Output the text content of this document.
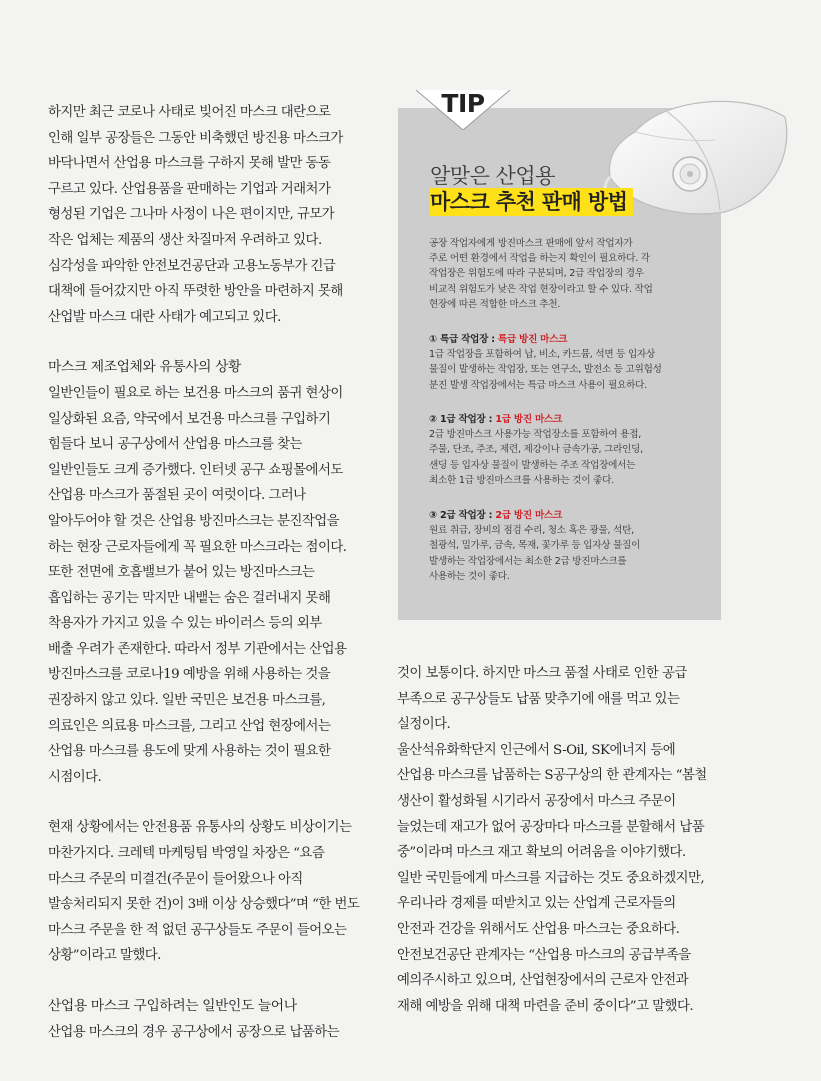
하지만 최근 코로나 사태로 빚어진 마스크 대란으로

인해 일부 공장들은 그동안 비축했던 방진용 마스크가

바닥나면서 산업용 마스크를 구하지 못해 발만 동동

구르고 있다. 산업용품을 판매하는 기업과 거래처가

형성된 기업은 그나마 사정이 나은 편이지만, 규모가

작은 업체는 제품의 생산 차질마저 우려하고 있다.

심각성을 파악한 안전보건공단과 고용노동부가 긴급

대책에 들어갔지만 아직 뚜렷한 방안을 마련하지 못해

산업발 마스크 대란 사태가 예고되고 있다.

마스크 제조업체와 유통사의 상황

일반인들이 필요로 하는 보건용 마스크의 품귀 현상이

일상화된 요즘, 약국에서 보건용 마스크를 구입하기

힘들다 보니 공구상에서 산업용 마스크를 찾는

일반인들도 크게 증가했다. 인터넷 공구 쇼핑몰에서도

산업용 마스크가 품절된 곳이 여럿이다. 그러나

알아두어야 할 것은 산업용 방진마스크는 분진작업을

하는 현장 근로자들에게 꼭 필요한 마스크라는 점이다.

또한 전면에 호흡밸브가 붙어 있는 방진마스크는

흡입하는 공기는 막지만 내뱉는 숨은 걸러내지 못해

착용자가 가지고 있을 수 있는 바이러스 등의 외부

배출 우려가 존재한다. 따라서 정부 기관에서는 산업용

방진마스크를 코로나19 예방을 위해 사용하는 것을

권장하지 않고 있다. 일반 국민은 보건용 마스크를,

의료인은 의료용 마스크를, 그리고 산업 현장에서는

산업용 마스크를 용도에 맞게 사용하는 것이 필요한

시점이다.

현재 상황에서는 안전용품 유통사의 상황도 비상이기는

마찬가지다. 크레텍 마케팅팀 박영일 차장은 “요즘

마스크 주문의 미결건(주문이 들어왔으나 아직

발송처리되지 못한 건)이 3배 이상 상승했다”며 “한 번도

마스크 주문을 한 적 없던 공구상들도 주문이 들어오는

상황”이라고 말했다.

산업용 마스크 구입하려는 일반인도 늘어나

산업용 마스크의 경우 공구상에서 공장으로 납품하는

것이 보통이다. 하지만 마스크 품절 사태로 인한 공급

부족으로 공구상들도 납품 맞추기에 애를 먹고 있는

실정이다.

울산석유화학단지 인근에서 S-Oil, SK에너지 등에

산업용 마스크를 납품하는 S공구상의 한 관계자는 “봄철

생산이 활성화될 시기라서 공장에서 마스크 주문이

늘었는데 재고가 없어 공장마다 마스크를 분할해서 납품

중”이라며 마스크 재고 확보의 어려움을 이야기했다.

일반 국민들에게 마스크를 지급하는 것도 중요하겠지만,

우리나라 경제를 떠받치고 있는 산업계 근로자들의

안전과 건강을 위해서도 산업용 마스크는 중요하다.

안전보건공단 관계자는 “산업용 마스크의 공급부족을

예의주시하고 있으며, 산업현장에서의 근로자 안전과

재해 예방을 위해 대책 마련을 준비 중이다”고 말했다.

TIP
알맞은 산업용
마스크 추천 판매 방법

공장 작업자에게 방진마스크 판매에 앞서 작업자가

주로 어떤 환경에서 작업을 하는지 확인이 필요하다. 각

작업장은 위험도에 따라 구분되며, 2급 작업장의 경우

비교적 위험도가 낮은 작업 현장이라고 할 수 있다. 작업

현장에 따른 적합한 마스크 추천.

① 특급 작업장 : 특급 방진 마스크

1급 작업장을 포함하여 납, 비소, 카드뮴, 석면 등 입자상

물질이 발생하는 작업장, 또는 연구소, 발전소 등 고위험성

분진 발생 작업장에서는 특급 마스크 사용이 필요하다.

② 1급 작업장 : 1급 방진 마스크

2급 방진마스크 사용가능 작업장소를 포함하여 용접,

주물, 단조, 주조, 제련, 제강이나 금속가공, 그라인딩,

샌딩 등 입자상 물질이 발생하는 주조 작업장에서는

최소한 1급 방진마스크를 사용하는 것이 좋다.

③ 2급 작업장 : 2급 방진 마스크

원료 취급, 장비의 점검 수리, 청소 혹은 광물, 석탄,

철광석, 밀가루, 금속, 목재, 꽃가루 등 입자상 물질이

발생하는 작업장에서는 최소한 2급 방진마스크를

사용하는 것이 좋다.
